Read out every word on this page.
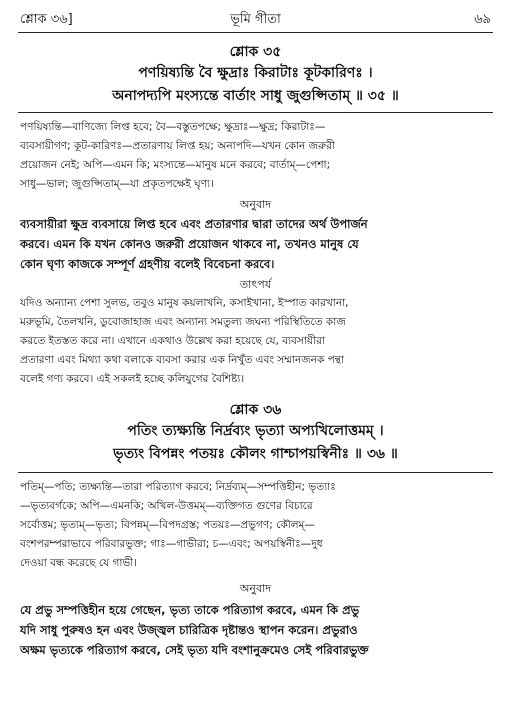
শ্লোক ৩৬]	ভূমি গীতা	৬৯
শ্লোক ৩৫
পণয়িষ্যন্তি বৈ ক্ষুদ্রাঃ কিরাটাঃ কূটকারিণঃ ।
অনাপদ্যপি মংস্যন্তে বার্তাং সাধু জুগুপ্সিতাম্ ॥ ৩৫ ॥
পণয়িষ্যন্তি—বাণিজ্যে লিপ্ত হবে; বৈ—বস্তুতপক্ষে; ক্ষুদ্রাঃ—ক্ষুদ্র; কিরাটাঃ—
ব্যবসায়ীগণ; কূট-কারিণঃ—প্রতারণায় লিপ্ত হয়; অনাপদি—যখন কোন জরুরী
প্রয়োজন নেই; অপি—এমন কি; মংস্যন্তে—মানুষ মনে করবে; বার্তাম্—পেশা;
সাধু—ভাল; জুগুপ্সিতাম্—যা প্রকৃতপক্ষেই ঘৃণ্য।
অনুবাদ
ব্যবসায়ীরা ক্ষুদ্র ব্যবসায়ে লিপ্ত হবে এবং প্রতারণার দ্বারা তাদের অর্থ উপার্জন
করবে। এমন কি যখন কোনও জরুরী প্রয়োজন থাকবে না, তখনও মানুষ যে
কোন ঘৃণ্য কাজকে সম্পূর্ণ গ্রহণীয় বলেই বিবেচনা করবে।
তাৎপর্য
যদিও অন্যান্য পেশা সুলভ, তবুও মানুষ কয়লাখনি, কসাইখানা, ইস্পাত কারখানা,
মরুভূমি, তৈলখনি, ডুবোজাহাজ এবং অন্যান্য সমতুল্য জঘন্য পরিস্থিতিতে কাজ
করতে ইতস্তত করে না। এখানে একথাও উল্লেখ করা হয়েছে যে, ব্যবসায়ীরা
প্রতারণা এবং মিথ্যা কথা বলাকে ব্যবসা করার এক নিখুঁত এবং সম্মানজনক পন্থা
বলেই গণ্য করবে। এই সকলই হচ্ছে কলিযুগের বৈশিষ্ট্য।
শ্লোক ৩৬
পতিং ত্যক্ষ্যন্তি নির্দ্রব্যং ভৃত্যা অপ্যখিলোত্তমম্ ।
ভৃত্যং বিপন্নং পতয়ঃ কৌলং গাশ্চাপয়স্বিনীঃ ॥ ৩৬ ॥
পতিম্—পতি; ত্যক্ষ্যন্তি—তারা পরিত্যাগ করবে; নির্দ্রব্যম্—সম্পত্তিহীন; ভৃত্যাঃ
—ভৃত্যবর্গকে; অপি—এমনকি; অখিল-উত্তমম্—ব্যক্তিগত গুণের বিচারে
সর্বোত্তম; ভৃত্যম্—ভৃত্য; বিপন্নম্—বিপদগ্রস্ত; পতয়ঃ—প্রভুগণ; কৌলম্—
বংশপরম্পরাভাবে পরিবারভুক্ত; গাঃ—গাভীরা; চ—এবং; অপয়স্বিনীঃ—দুধ
দেওয়া বন্ধ করেছে যে গাভী।
অনুবাদ
যে প্রভু সম্পত্তিহীন হয়ে গেছেন, ভৃত্য তাকে পরিত্যাগ করবে, এমন কি প্রভু
যদি সাধু পুরুষও হন এবং উজ্জ্বল চারিত্রিক দৃষ্টান্তও স্থাপন করেন। প্রভুরাও
অক্ষম ভৃত্যকে পরিত্যাগ করবে, সেই ভৃত্য যদি বংশানুক্রমেও সেই পরিবারভুক্ত
